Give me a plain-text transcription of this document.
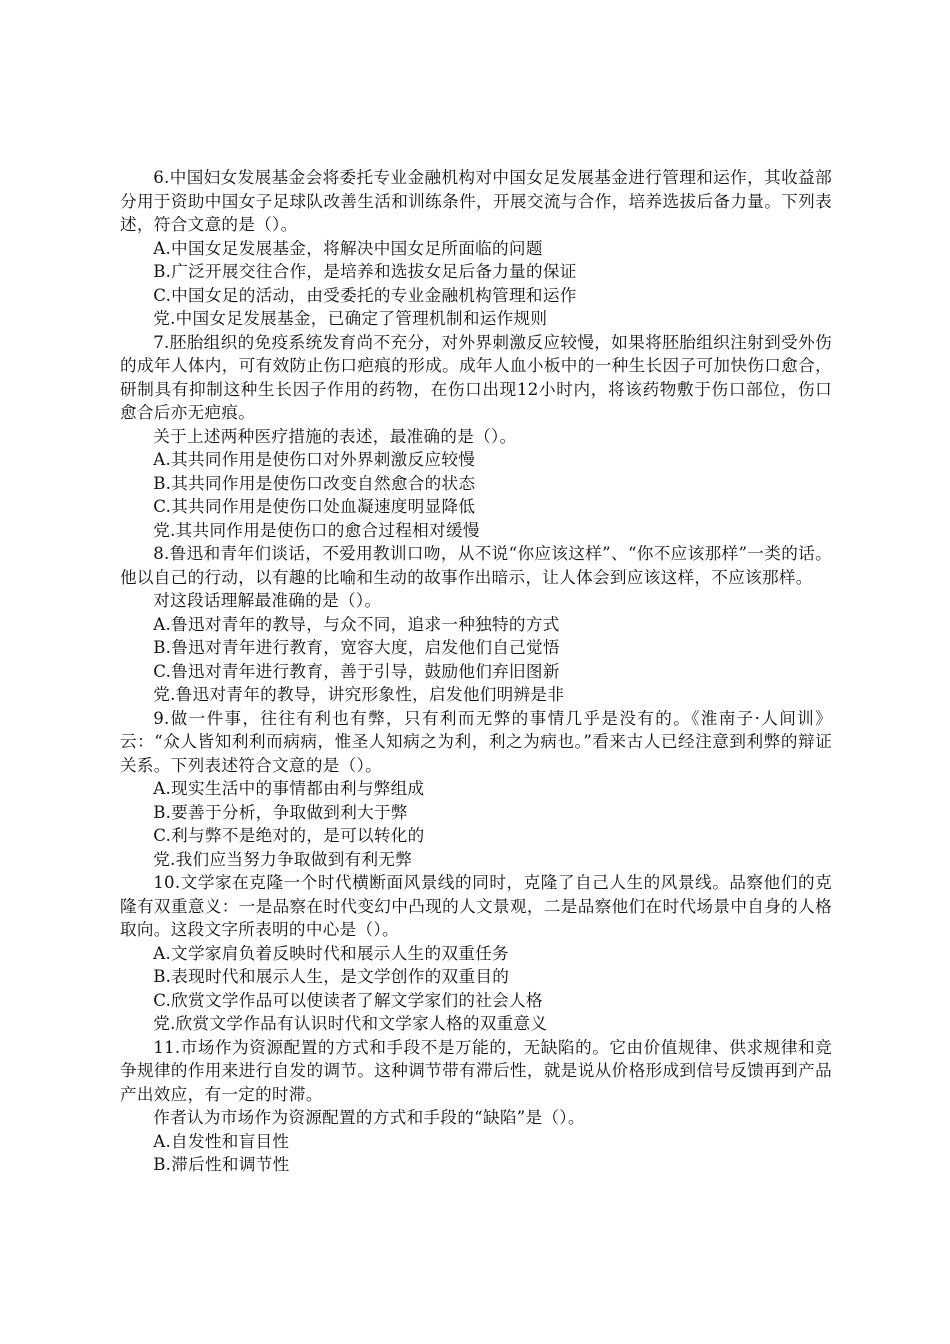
6.中国妇女发展基金会将委托专业金融机构对中国女足发展基金进行管理和运作，其收益部分用于资助中国女子足球队改善生活和训练条件，开展交流与合作，培养选拔后备力量。下列表述，符合文意的是（）。

A.中国女足发展基金，将解决中国女足所面临的问题

B.广泛开展交往合作，是培养和选拔女足后备力量的保证

C.中国女足的活动，由受委托的专业金融机构管理和运作

党.中国女足发展基金，已确定了管理机制和运作规则

7.胚胎组织的免疫系统发育尚不充分，对外界刺激反应较慢，如果将胚胎组织注射到受外伤的成年人体内，可有效防止伤口疤痕的形成。成年人血小板中的一种生长因子可加快伤口愈合，研制具有抑制这种生长因子作用的药物，在伤口出现12小时内，将该药物敷于伤口部位，伤口愈合后亦无疤痕。

关于上述两种医疗措施的表述，最准确的是（）。

A.其共同作用是使伤口对外界刺激反应较慢

B.其共同作用是使伤口改变自然愈合的状态

C.其共同作用是使伤口处血凝速度明显降低

党.其共同作用是使伤口的愈合过程相对缓慢

8.鲁迅和青年们谈话，不爱用教训口吻，从不说“你应该这样”、“你不应该那样”一类的话。他以自己的行动，以有趣的比喻和生动的故事作出暗示，让人体会到应该这样，不应该那样。

对这段话理解最准确的是（）。

A.鲁迅对青年的教导，与众不同，追求一种独特的方式

B.鲁迅对青年进行教育，宽容大度，启发他们自己觉悟

C.鲁迅对青年进行教育，善于引导，鼓励他们弃旧图新

党.鲁迅对青年的教导，讲究形象性，启发他们明辨是非

9.做一件事，往往有利也有弊，只有利而无弊的事情几乎是没有的。《淮南子·人间训》云：“众人皆知利利而病病，惟圣人知病之为利，利之为病也。”看来古人已经注意到利弊的辩证关系。下列表述符合文意的是（）。

A.现实生活中的事情都由利与弊组成

B.要善于分析，争取做到利大于弊

C.利与弊不是绝对的，是可以转化的

党.我们应当努力争取做到有利无弊

10.文学家在克隆一个时代横断面风景线的同时，克隆了自己人生的风景线。品察他们的克隆有双重意义：一是品察在时代变幻中凸现的人文景观，二是品察他们在时代场景中自身的人格取向。这段文字所表明的中心是（）。

A.文学家肩负着反映时代和展示人生的双重任务

B.表现时代和展示人生，是文学创作的双重目的

C.欣赏文学作品可以使读者了解文学家们的社会人格

党.欣赏文学作品有认识时代和文学家人格的双重意义

11.市场作为资源配置的方式和手段不是万能的，无缺陷的。它由价值规律、供求规律和竞争规律的作用来进行自发的调节。这种调节带有滞后性，就是说从价格形成到信号反馈再到产品产出效应，有一定的时滞。

作者认为市场作为资源配置的方式和手段的“缺陷”是（）。

A.自发性和盲目性

B.滞后性和调节性
